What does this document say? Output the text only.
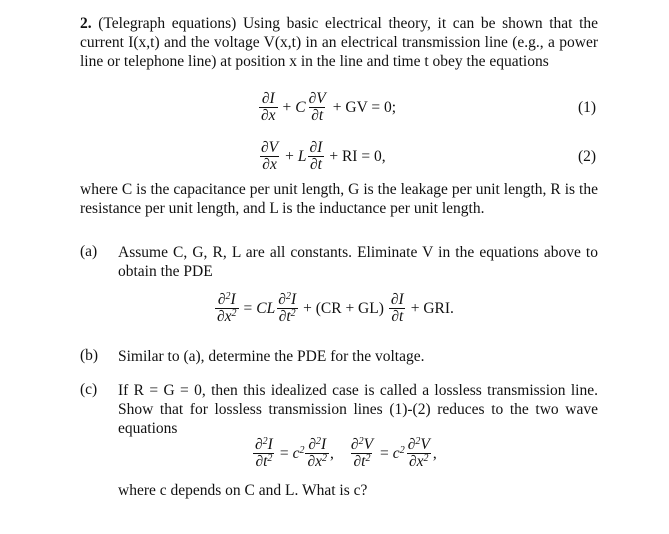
2. (Telegraph equations) Using basic electrical theory, it can be shown that the current I(x,t) and the voltage V(x,t) in an electrical transmission line (e.g., a power line or telephone line) at position x in the line and time t obey the equations
$\frac{\partial I}{\partial x} + C \frac{\partial V}{\partial t}$ + GV = 0;	(1)
$\frac{\partial V}{\partial x} + L \frac{\partial I}{\partial t}$ + RI = 0,	(2)
where C is the capacitance per unit length, G is the leakage per unit length, R is the resistance per unit length, and L is the inductance per unit length.
(a) Assume C, G, R, L are all constants. Eliminate V in the equations above to obtain the PDE
$\frac{\partial^2I}{\partial x^2}$ = CL $\frac{\partial^2I}{\partial t^2} + (CR + GL) \frac{\partial I}{\partial t}$ + GRI.
(b) Similar to (a), determine the PDE for the voltage.
(c) If R = G = 0, then this idealized case is called a lossless transmission line. Show that for lossless transmission lines (1)-(2) reduces to the two wave equations
$\frac{\partial^2I}{\partial t^2} = c^2 \frac{\partial^2I}{\partial x^2}$ , $\frac{\partial^2V}{\partial t^2} = c^2 \frac{\partial^2V}{\partial x^2}$ ,
where c depends on C and L. What is c?
